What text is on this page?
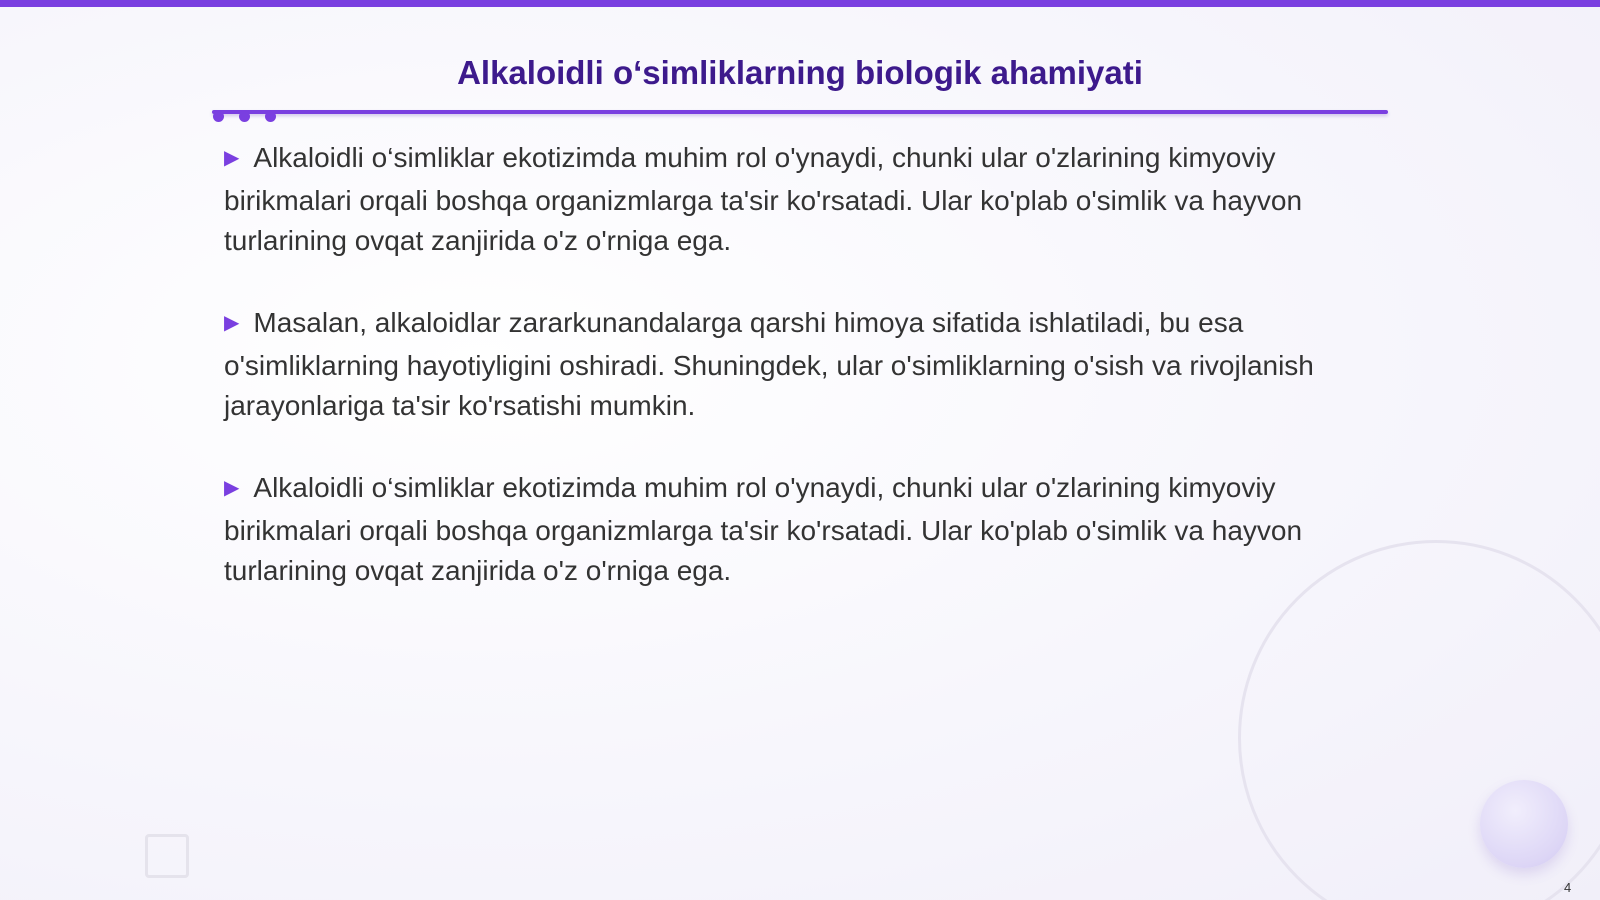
Alkaloidli o‘simliklarning biologik ahamiyati
▶ Alkaloidli o‘simliklar ekotizimda muhim rol o'ynaydi, chunki ular o'zlarining kimyoviy birikmalari orqali boshqa organizmlarga ta'sir ko'rsatadi. Ular ko'plab o'simlik va hayvon turlarining ovqat zanjirida o'z o'rniga ega.
▶ Masalan, alkaloidlar zararkunandalarga qarshi himoya sifatida ishlatiladi, bu esa o'simliklarning hayotiyligini oshiradi. Shuningdek, ular o'simliklarning o'sish va rivojlanish jarayonlariga ta'sir ko'rsatishi mumkin.
▶ Alkaloidli o‘simliklar ekotizimda muhim rol o'ynaydi, chunki ular o'zlarining kimyoviy birikmalari orqali boshqa organizmlarga ta'sir ko'rsatadi. Ular ko'plab o'simlik va hayvon turlarining ovqat zanjirida o'z o'rniga ega.
4
